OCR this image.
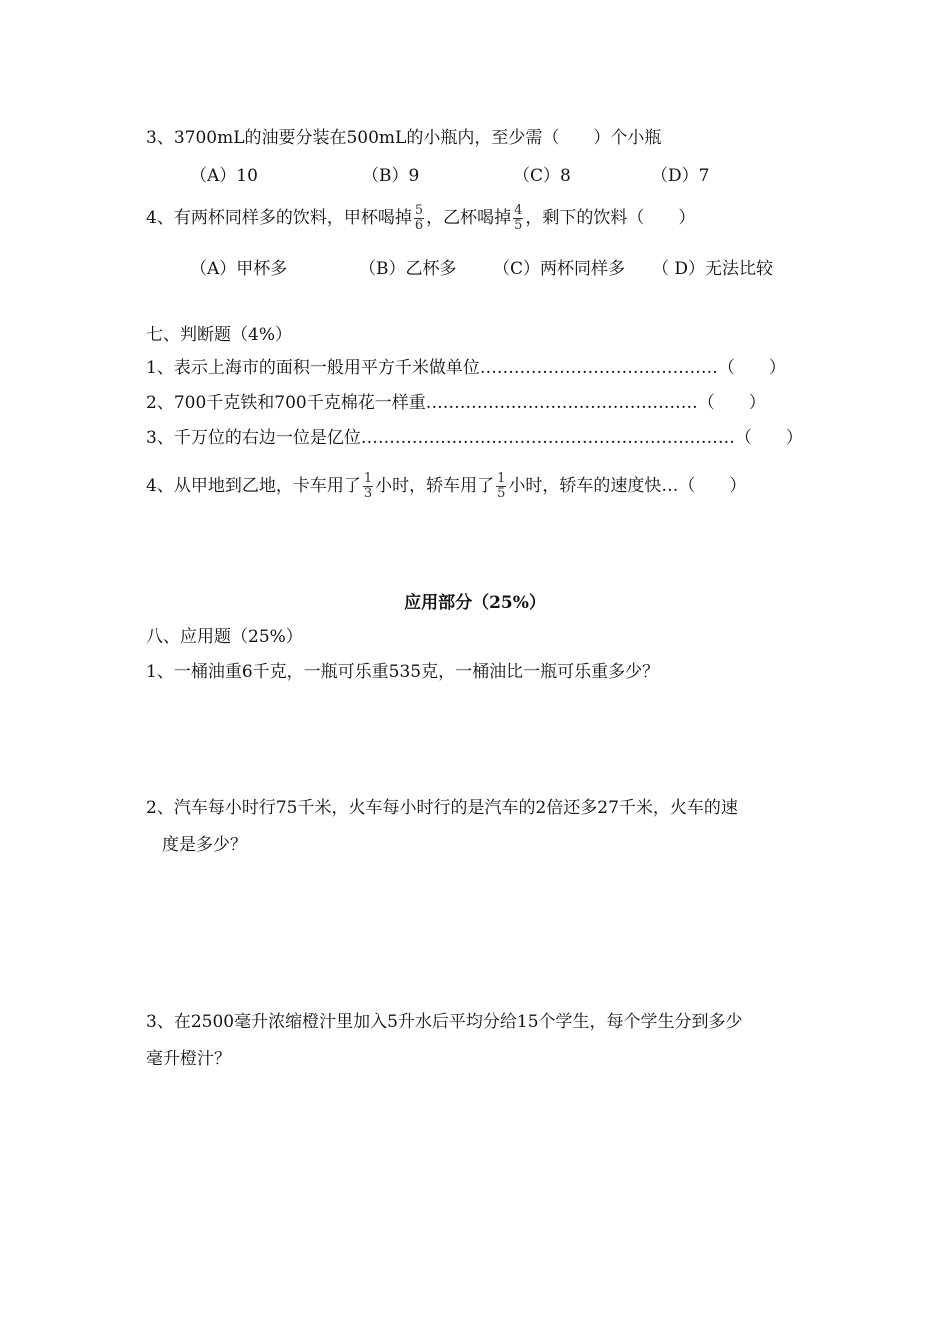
3、3700mL的油要分装在500mL的小瓶内，至少需（　　）个小瓶
（A）10	（B）9	（C）8	（D）7
4、有两杯同样多的饮料，甲杯喝掉 $\frac{5}{6}$ ，乙杯喝掉 $\frac{4}{5}$ ，剩下的饮料（　　）
（A）甲杯多	（B）乙杯多 （C）两杯同样多 （ D）无法比较
七、判断题（4%）
1、表示上海市的面积一般用平方千米做单位……………………………………（　　）
2、700千克铁和700千克棉花一样重…………………………………………（　　）
3、千万位的右边一位是亿位…………………………………………………………（　　）
4、从甲地到乙地，卡车用了 $\frac{1}{3}$ 小时，轿车用了 $\frac{1}{5}$ 小时，轿车的速度快…（　　）
应用部分（25%）
八、应用题（25%）
1、一桶油重6千克，一瓶可乐重535克，一桶油比一瓶可乐重多少？
2、汽车每小时行75千米，火车每小时行的是汽车的2倍还多27千米，火车的速
度是多少？
3、在2500毫升浓缩橙汁里加入5升水后平均分给15个学生，每个学生分到多少
毫升橙汁？
